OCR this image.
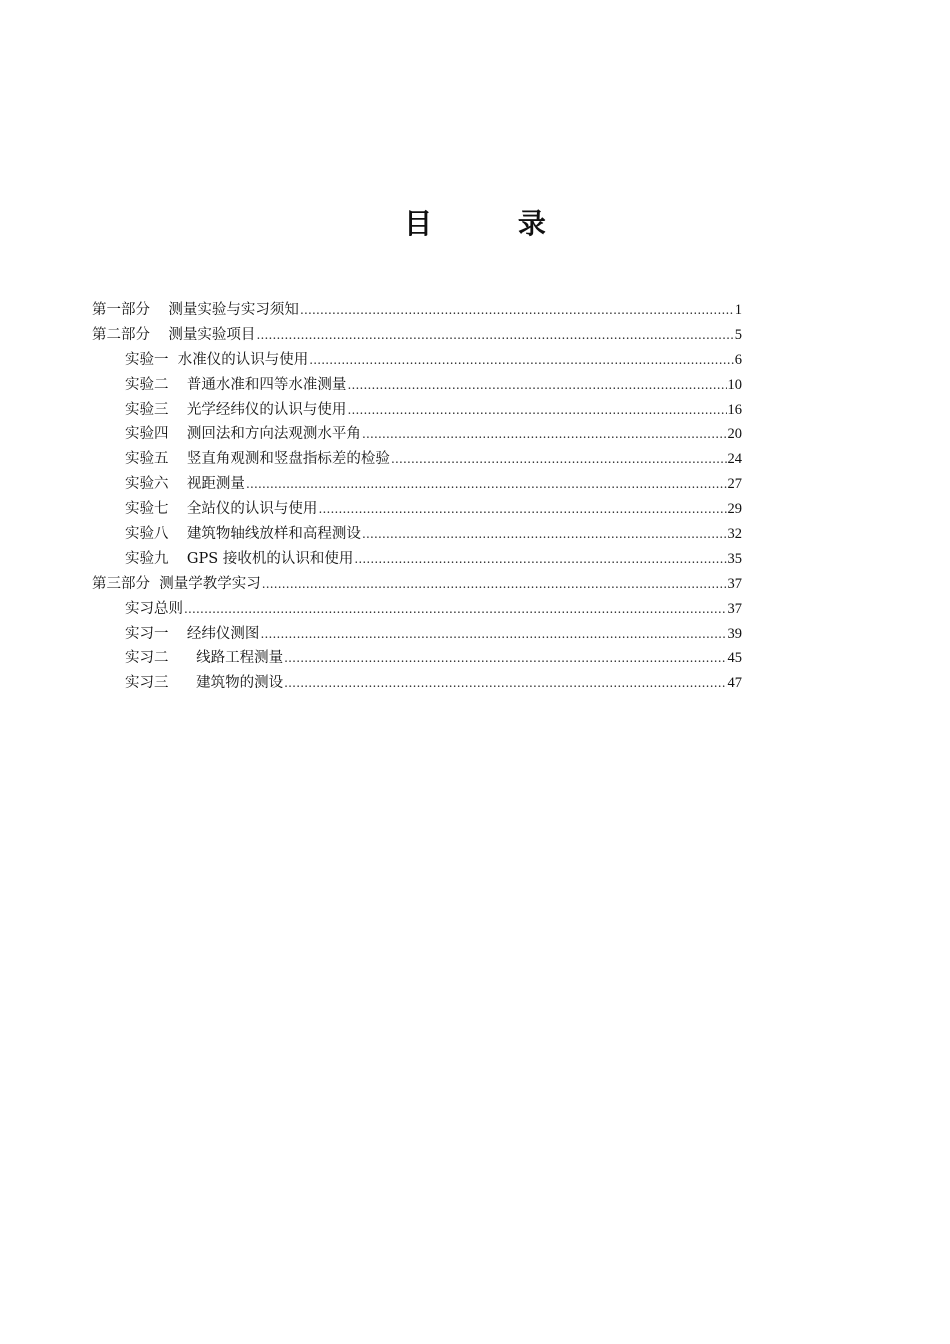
目 录
第一部分    测量实验与实习须知 .....	1
第二部分    测量实验项目 .....	5
实验一  水准仪的认识与使用 .....	6
实验二    普通水准和四等水准测量 .....	10
实验三    光学经纬仪的认识与使用 .....	16
实验四    测回法和方向法观测水平角 .....	20
实验五    竖直角观测和竖盘指标差的检验 .....	24
实验六    视距测量 .....	27
实验七    全站仪的认识与使用 .....	29
实验八    建筑物轴线放样和高程测设 .....	32
实验九    GPS 接收机的认识和使用 .....	35
第三部分  测量学教学实习 .....	37
实习总则 .....	37
实习一    经纬仪测图 .....	39
实习二      线路工程测量 .....	45
实习三      建筑物的测设 .....	47
